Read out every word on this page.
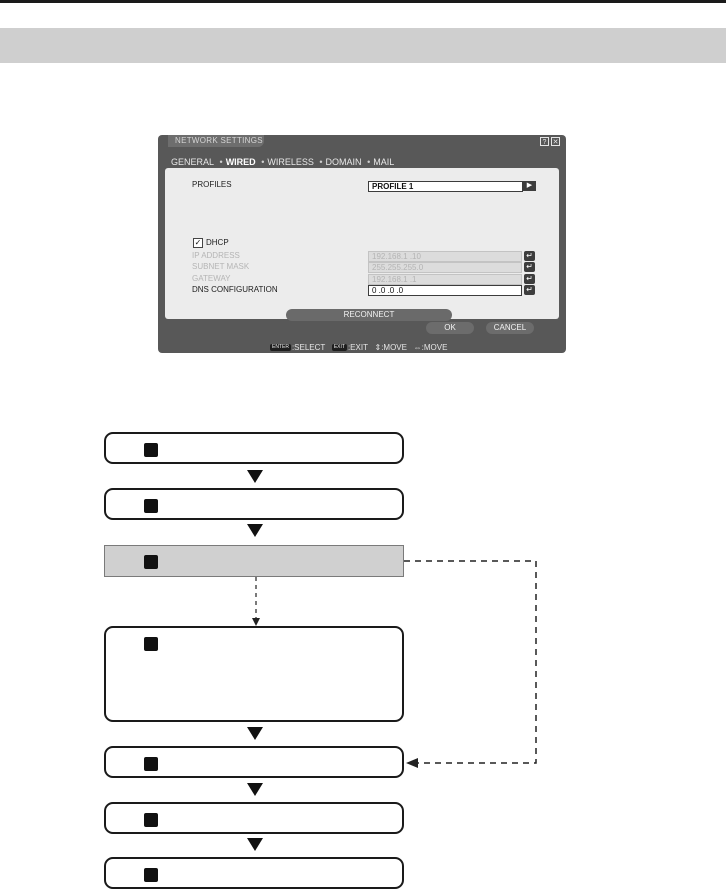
NETWORK SETTINGS	? ✕
GENERAL • WIRED • WIRELESS • DOMAIN • MAIL
PROFILES	PROFILE 1	▶
✓ DHCP
IP ADDRESS	192.168.1 .10	↵
SUBNET MASK	255.255.255.0	↵
GATEWAY	192.168.1 .1	↵
DNS CONFIGURATION	0 .0 .0 .0	↵
RECONNECT
OK	CANCEL
ENTER :SELECT EXIT :EXIT ⇕:MOVE ⇔:MOVE
